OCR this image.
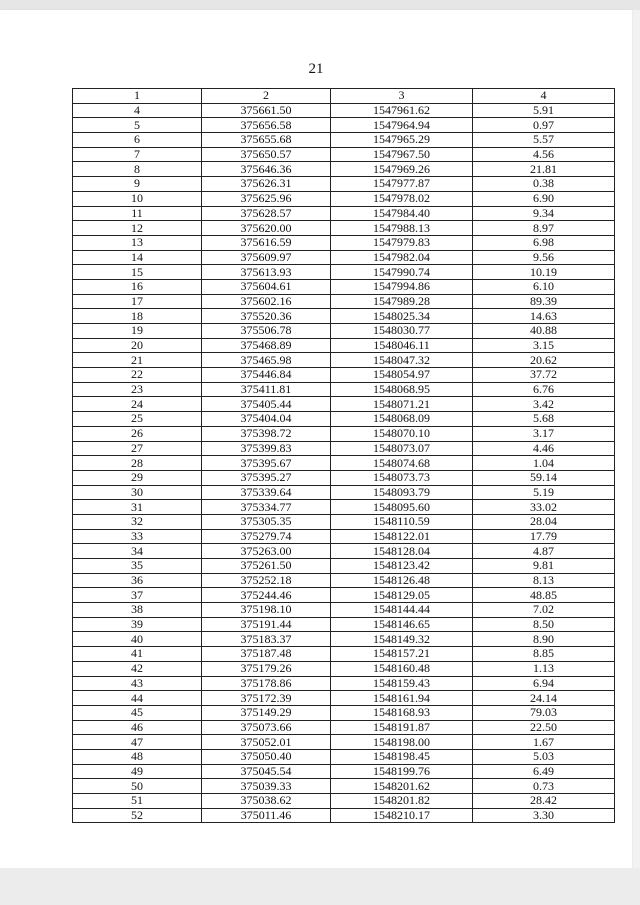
21
1	2	3	4
4	375661.50	1547961.62	5.91
5	375656.58	1547964.94	0.97
6	375655.68	1547965.29	5.57
7	375650.57	1547967.50	4.56
8	375646.36	1547969.26	21.81
9	375626.31	1547977.87	0.38
10	375625.96	1547978.02	6.90
11	375628.57	1547984.40	9.34
12	375620.00	1547988.13	8.97
13	375616.59	1547979.83	6.98
14	375609.97	1547982.04	9.56
15	375613.93	1547990.74	10.19
16	375604.61	1547994.86	6.10
17	375602.16	1547989.28	89.39
18	375520.36	1548025.34	14.63
19	375506.78	1548030.77	40.88
20	375468.89	1548046.11	3.15
21	375465.98	1548047.32	20.62
22	375446.84	1548054.97	37.72
23	375411.81	1548068.95	6.76
24	375405.44	1548071.21	3.42
25	375404.04	1548068.09	5.68
26	375398.72	1548070.10	3.17
27	375399.83	1548073.07	4.46
28	375395.67	1548074.68	1.04
29	375395.27	1548073.73	59.14
30	375339.64	1548093.79	5.19
31	375334.77	1548095.60	33.02
32	375305.35	1548110.59	28.04
33	375279.74	1548122.01	17.79
34	375263.00	1548128.04	4.87
35	375261.50	1548123.42	9.81
36	375252.18	1548126.48	8.13
37	375244.46	1548129.05	48.85
38	375198.10	1548144.44	7.02
39	375191.44	1548146.65	8.50
40	375183.37	1548149.32	8.90
41	375187.48	1548157.21	8.85
42	375179.26	1548160.48	1.13
43	375178.86	1548159.43	6.94
44	375172.39	1548161.94	24.14
45	375149.29	1548168.93	79.03
46	375073.66	1548191.87	22.50
47	375052.01	1548198.00	1.67
48	375050.40	1548198.45	5.03
49	375045.54	1548199.76	6.49
50	375039.33	1548201.62	0.73
51	375038.62	1548201.82	28.42
52	375011.46	1548210.17	3.30
